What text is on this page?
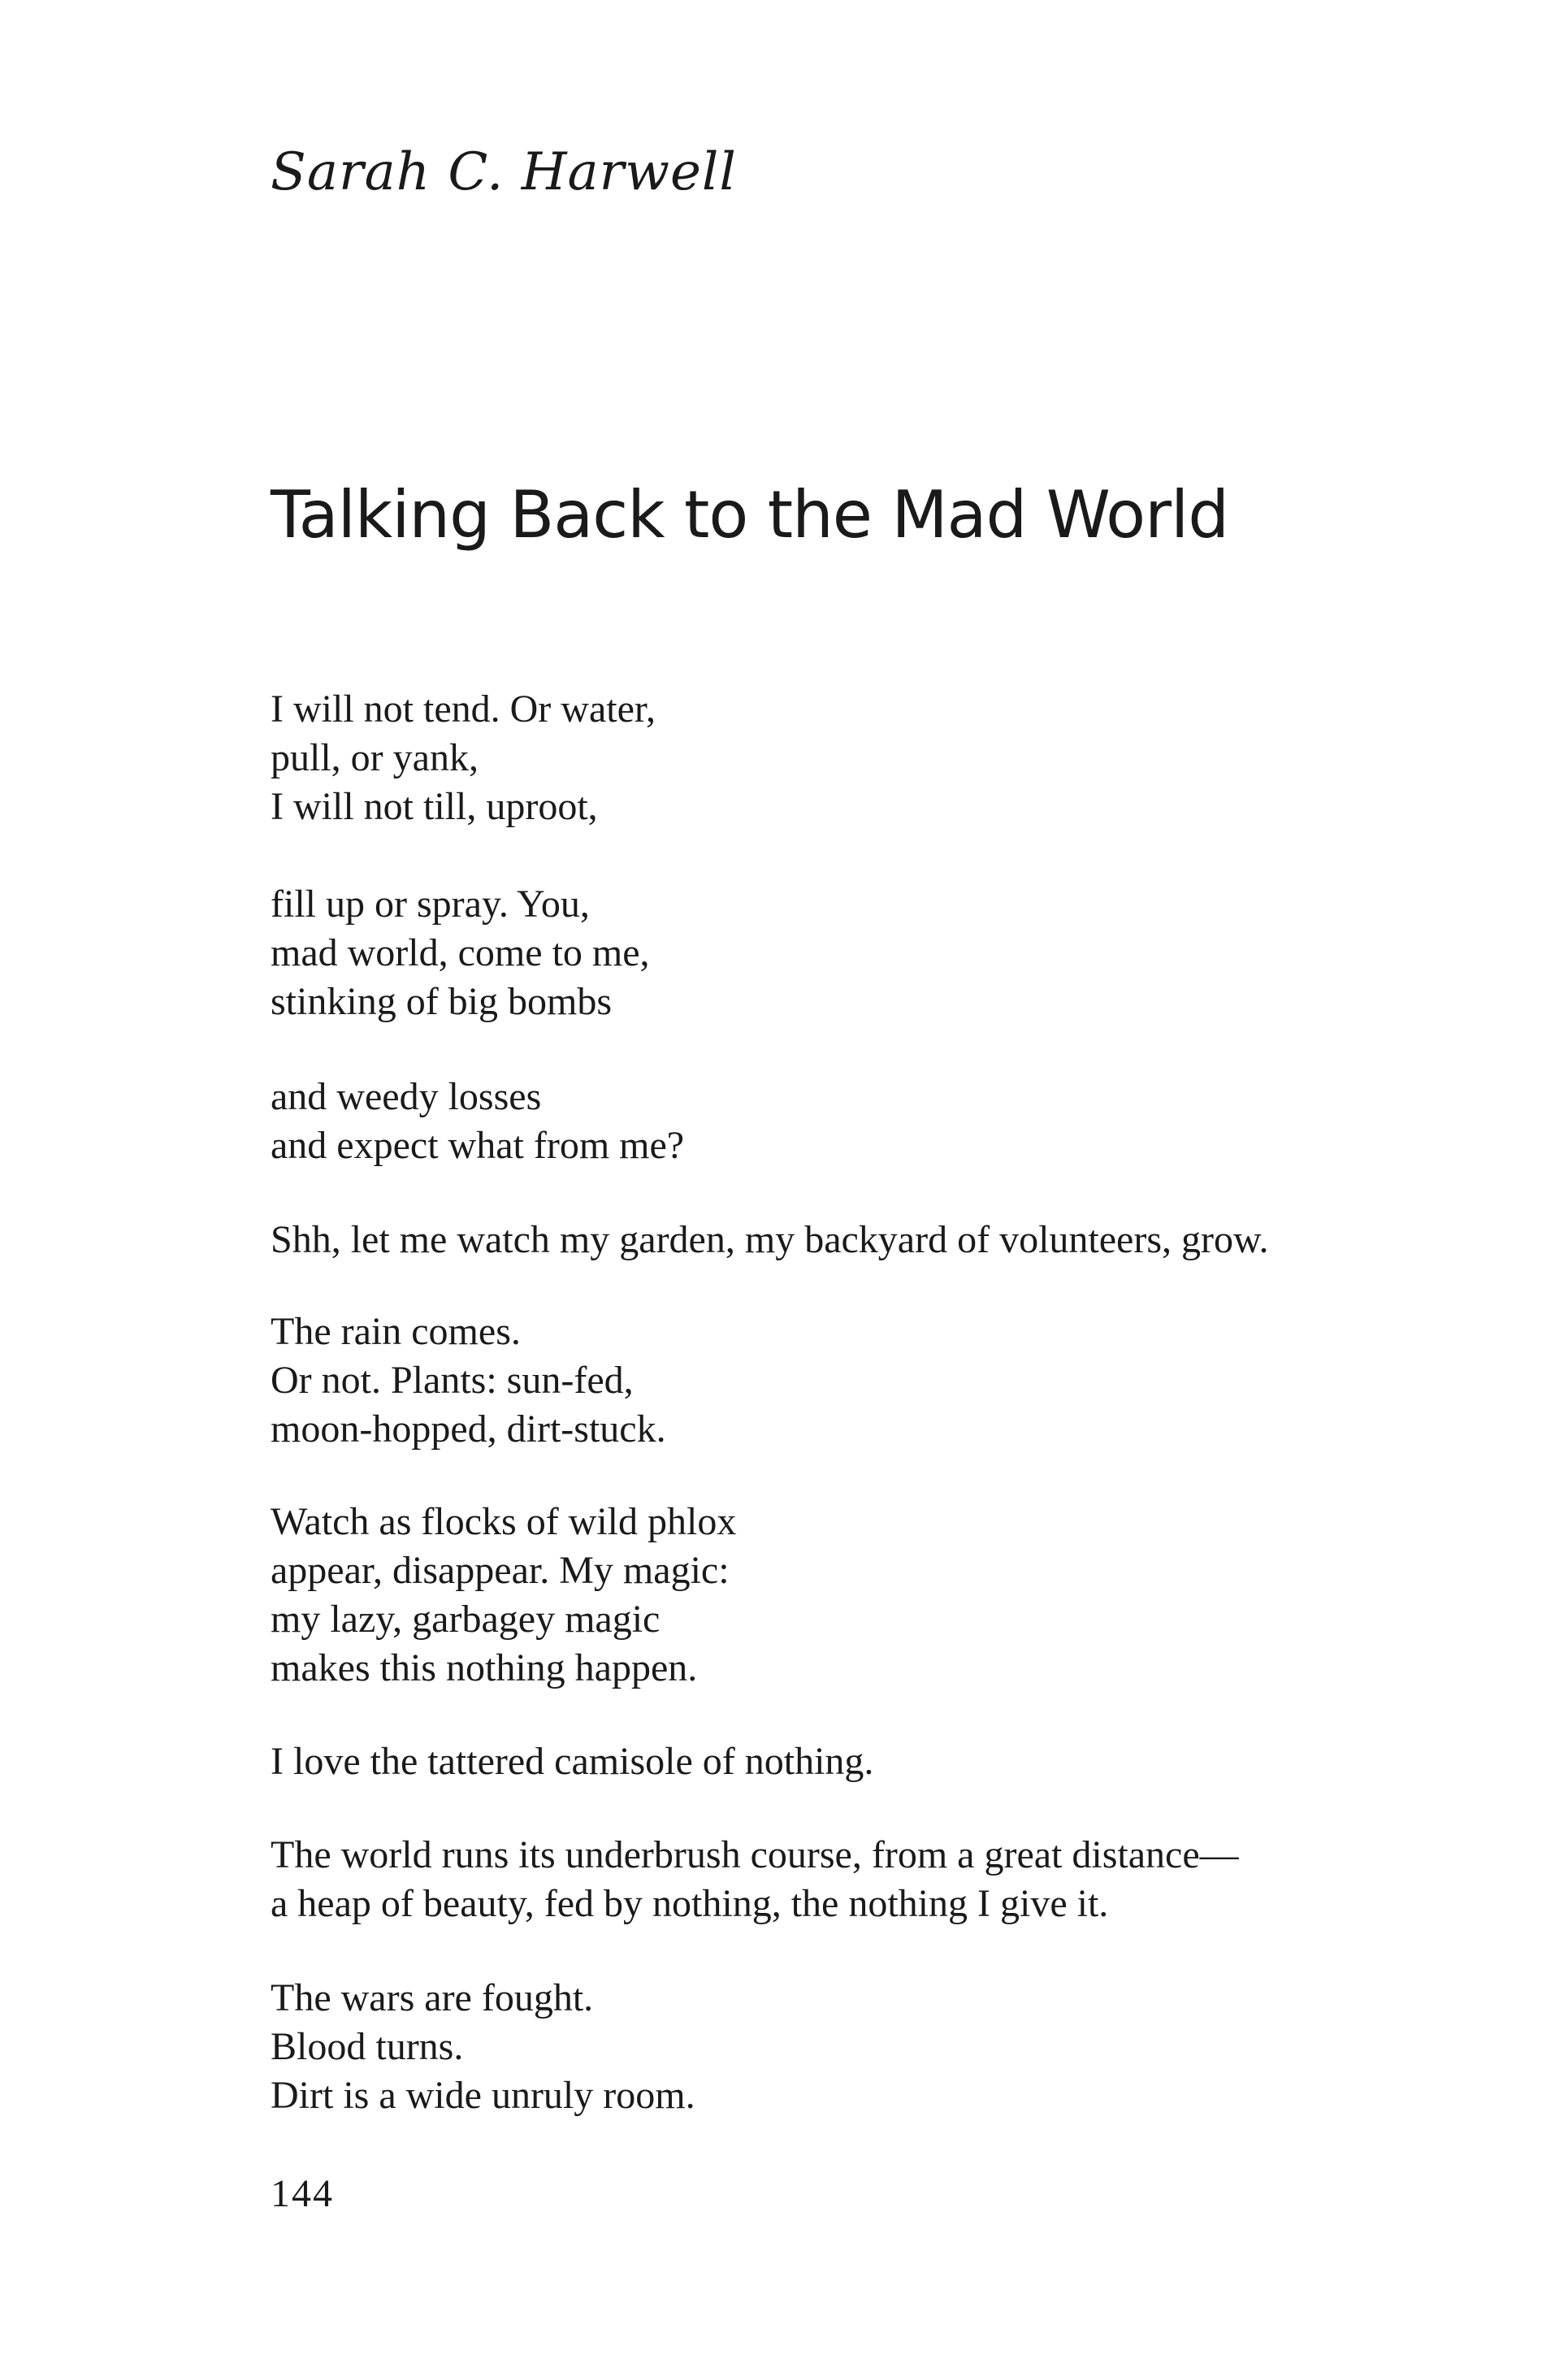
Sarah C. Harwell
Talking Back to the Mad World
I will not tend. Or water,
pull, or yank,
I will not till, uproot,
fill up or spray. You,
mad world, come to me,
stinking of big bombs
and weedy losses
and expect what from me?
Shh, let me watch my garden, my backyard of volunteers, grow.
The rain comes.
Or not. Plants: sun-fed,
moon-hopped, dirt-stuck.
Watch as flocks of wild phlox
appear, disappear. My magic:
my lazy, garbagey magic
makes this nothing happen.
I love the tattered camisole of nothing.
The world runs its underbrush course, from a great distance—
a heap of beauty, fed by nothing, the nothing I give it.
The wars are fought.
Blood turns.
Dirt is a wide unruly room.
144
